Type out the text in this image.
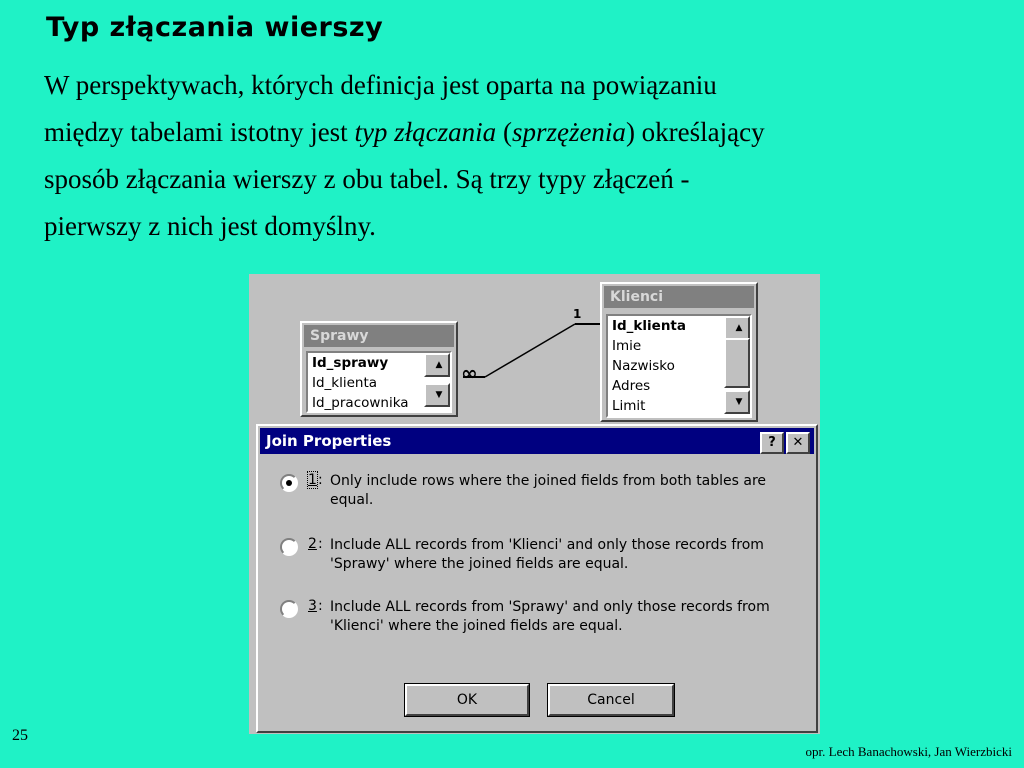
Typ złączania wierszy
W perspektywach, których definicja jest oparta na powiązaniu
między tabelami istotny jest typ złączania (sprzężenia) określający
sposób złączania wierszy z obu tabel. Są trzy typy złączeń -
pierwszy z nich jest domyślny.
1
∞
Sprawy
Id_sprawy
Id_klienta
Id_pracownika
▲
▼
Klienci
Id_klienta
Imie
Nazwisko
Adres
Limit
▲
▼
Join Properties	?	✕
1 : Only include rows where the joined fields from both tables are equal.
2 : Include ALL records from 'Klienci' and only those records from 'Sprawy' where the joined fields are equal.
3 : Include ALL records from 'Sprawy' and only those records from 'Klienci' where the joined fields are equal.
OK	Cancel
25
opr. Lech Banachowski, Jan Wierzbicki
